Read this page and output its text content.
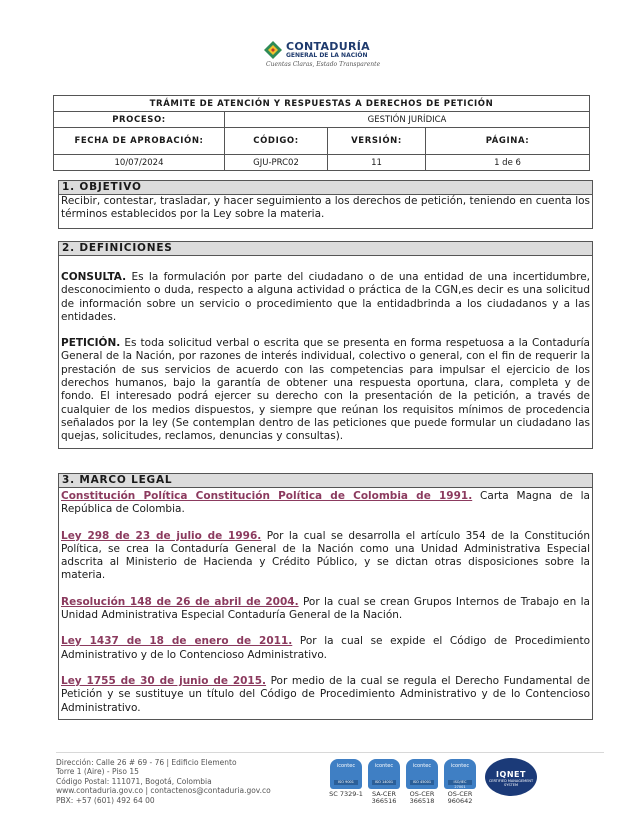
CONTADURÍA
GENERAL DE LA NACIÓN
Cuentas Claras, Estado Transparente
TRÁMITE DE ATENCIÓN Y RESPUESTAS A DERECHOS DE PETICIÓN			
PROCESO:	GESTIÓN JURÍDICA		
FECHA DE APROBACIÓN:	CÓDIGO:	VERSIÓN:	PÁGINA:
10/07/2024	GJU-PRC02	11	1 de 6
1. OBJETIVO

Recibir, contestar, trasladar, y hacer seguimiento a los derechos de petición, teniendo en cuenta los términos establecidos por la Ley sobre la materia.

2. DEFINICIONES

CONSULTA. Es la formulación por parte del ciudadano o de una entidad de una incertidumbre, desconocimiento o duda, respecto a alguna actividad o práctica de la CGN,es decir es una solicitud de información sobre un servicio o procedimiento que la entidadbrinda a los ciudadanos y a las entidades.

PETICIÓN. Es toda solicitud verbal o escrita que se presenta en forma respetuosa a la Contaduría General de la Nación, por razones de interés individual, colectivo o general, con el fin de requerir la prestación de sus servicios de acuerdo con las competencias para impulsar el ejercicio de los derechos humanos, bajo la garantía de obtener una respuesta oportuna, clara, completa y de fondo. El interesado podrá ejercer su derecho con la presentación de la petición, a través de cualquier de los medios dispuestos, y siempre que reúnan los requisitos mínimos de procedencia señalados por la ley (Se contemplan dentro de las peticiones que puede formular un ciudadano las quejas, solicitudes, reclamos, denuncias y consultas).

3. MARCO LEGAL

Constitución Política Constitución Política de Colombia de 1991. Carta Magna de la República de Colombia.

Ley 298 de 23 de julio de 1996. Por la cual se desarrolla el artículo 354 de la Constitución Política, se crea la Contaduría General de la Nación como una Unidad Administrativa Especial adscrita al Ministerio de Hacienda y Crédito Público, y se dictan otras disposiciones sobre la materia.

Resolución 148 de 26 de abril de 2004. Por la cual se crean Grupos Internos de Trabajo en la Unidad Administrativa Especial Contaduría General de la Nación.

Ley 1437 de 18 de enero de 2011. Por la cual se expide el Código de Procedimiento Administrativo y de lo Contencioso Administrativo.

Ley 1755 de 30 de junio de 2015. Por medio de la cual se regula el Derecho Fundamental de Petición y se sustituye un título del Código de Procedimiento Administrativo y de lo Contencioso Administrativo.

Dirección: Calle 26 # 69 - 76 | Edificio Elemento
Torre 1 (Aire) - Piso 15
Código Postal: 111071, Bogotá, Colombia
www.contaduria.gov.co | contactenos@contaduria.gov.co
PBX: +57 (601) 492 64 00
icontec
ISO 9001
SC 7329-1
icontec
ISO 14001
SA-CER 366516
icontec
ISO 45001
OS-CER 366518
icontec
ISO/IEC 27001
OS-CER 960642
IQNET
CERTIFIED MANAGEMENT SYSTEM
